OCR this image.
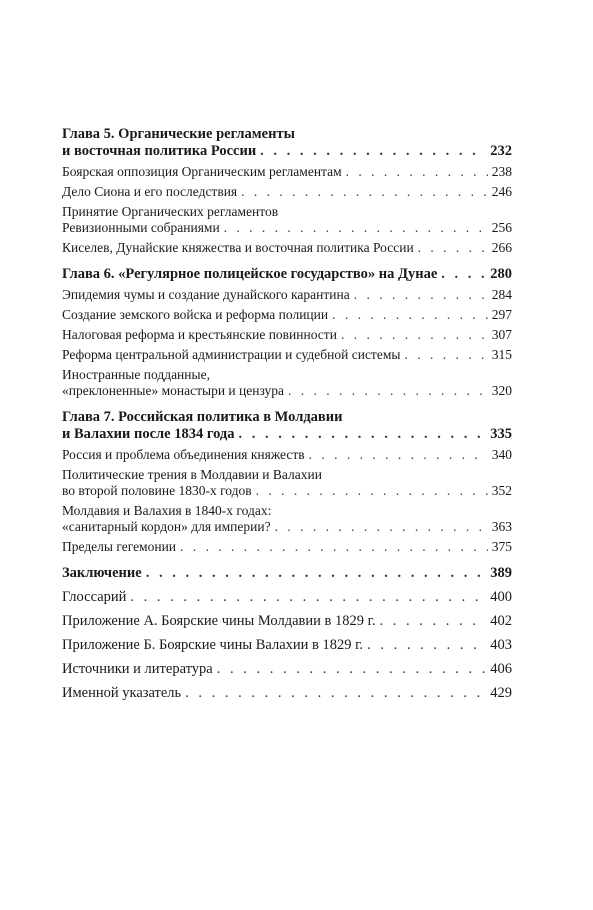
Глава 5. Органические регламенты
и восточная политика России . . .	232
Боярская оппозиция Органическим регламентам . . .	238
Дело Сиона и его последствия . . .	246
Принятие Органических регламентов
Ревизионными собраниями . . .	256
Киселев, Дунайские княжества и восточная политика России . . .	266
Глава 6. «Регулярное полицейское государство» на Дунае . . .	280
Эпидемия чумы и создание дунайского карантина . . .	284
Создание земского войска и реформа полиции . . .	297
Налоговая реформа и крестьянские повинности . . .	307
Реформа центральной администрации и судебной системы . . .	315
Иностранные подданные,
«преклоненные» монастыри и цензура . . .	320
Глава 7. Российская политика в Молдавии
и Валахии после 1834 года . . .	335
Россия и проблема объединения княжеств . . .	340
Политические трения в Молдавии и Валахии
во второй половине 1830-х годов . . .	352
Молдавия и Валахия в 1840-х годах:
«санитарный кордон» для империи? . . .	363
Пределы гегемонии . . .	375
Заключение . . .	389
Глоссарий . . .	400
Приложение А. Боярские чины Молдавии в 1829 г. . . .	402
Приложение Б. Боярские чины Валахии в 1829 г. . . .	403
Источники и литература . . .	406
Именной указатель . . .	429
